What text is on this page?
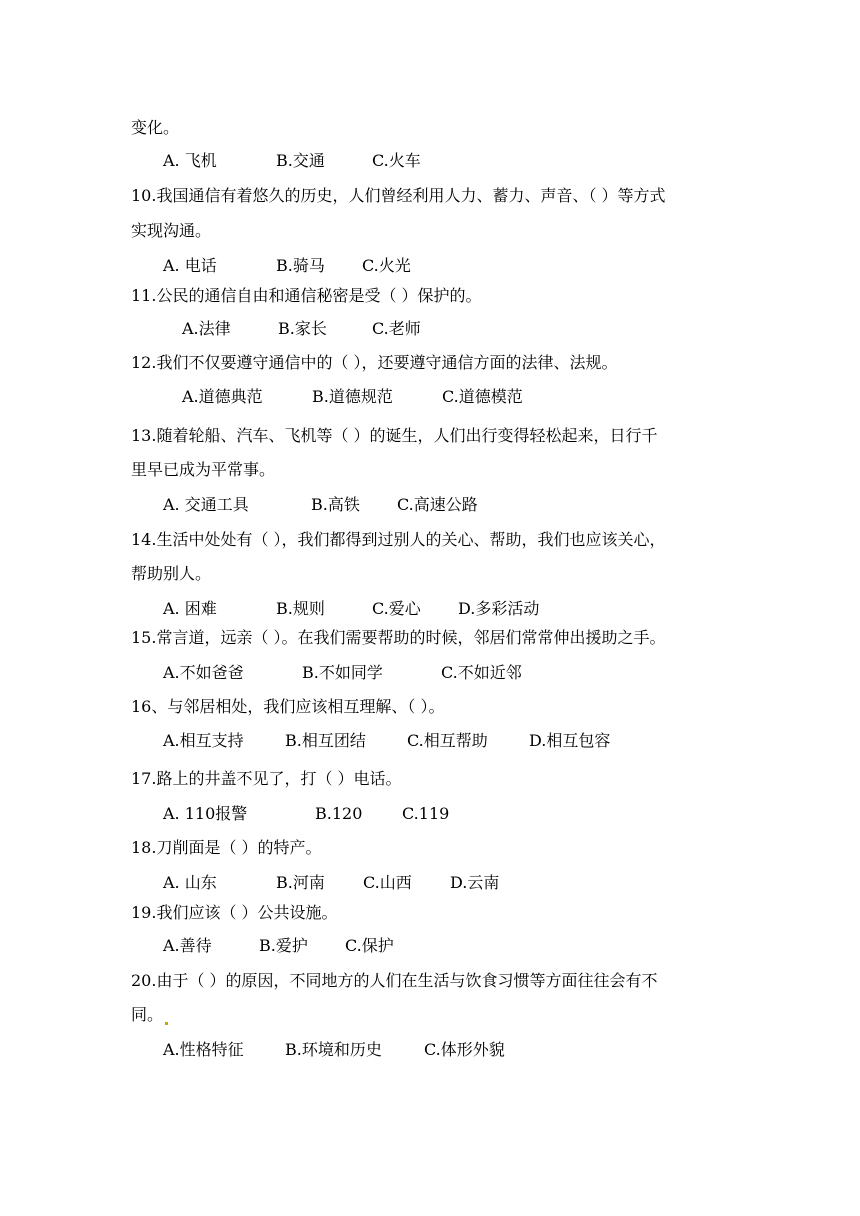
变化。
A. 飞机	B.交通	C.火车
10.我国通信有着悠久的历史，人们曾经利用人力、蓄力、声音、（ ）等方式
实现沟通。
A. 电话	B.骑马	C.火光
11.公民的通信自由和通信秘密是受（ ）保护的。
A.法律	B.家长	C.老师
12.我们不仅要遵守通信中的（ ），还要遵守通信方面的法律、法规。
A.道德典范	B.道德规范	C.道德模范
13.随着轮船、汽车、飞机等（ ）的诞生，人们出行变得轻松起来，日行千
里早已成为平常事。
A. 交通工具	B.高铁	C.高速公路
14.生活中处处有（ ），我们都得到过别人的关心、帮助，我们也应该关心，
帮助别人。
A. 困难	B.规则	C.爱心	D.多彩活动
15.常言道，远亲（ ）。在我们需要帮助的时候，邻居们常常伸出援助之手。
A.不如爸爸	B.不如同学	C.不如近邻
16、与邻居相处，我们应该相互理解、（ ）。
A.相互支持	B.相互团结	C.相互帮助	D.相互包容
17.路上的井盖不见了，打（ ）电话。
A. 110报警	B.120	C.119
18.刀削面是（ ）的特产。
A. 山东	B.河南	C.山西	D.云南
19.我们应该（ ）公共设施。
A.善待	B.爱护	C.保护
20.由于（ ）的原因，不同地方的人们在生活与饮食习惯等方面往往会有不
同。
A.性格特征	B.环境和历史	C.体形外貌
